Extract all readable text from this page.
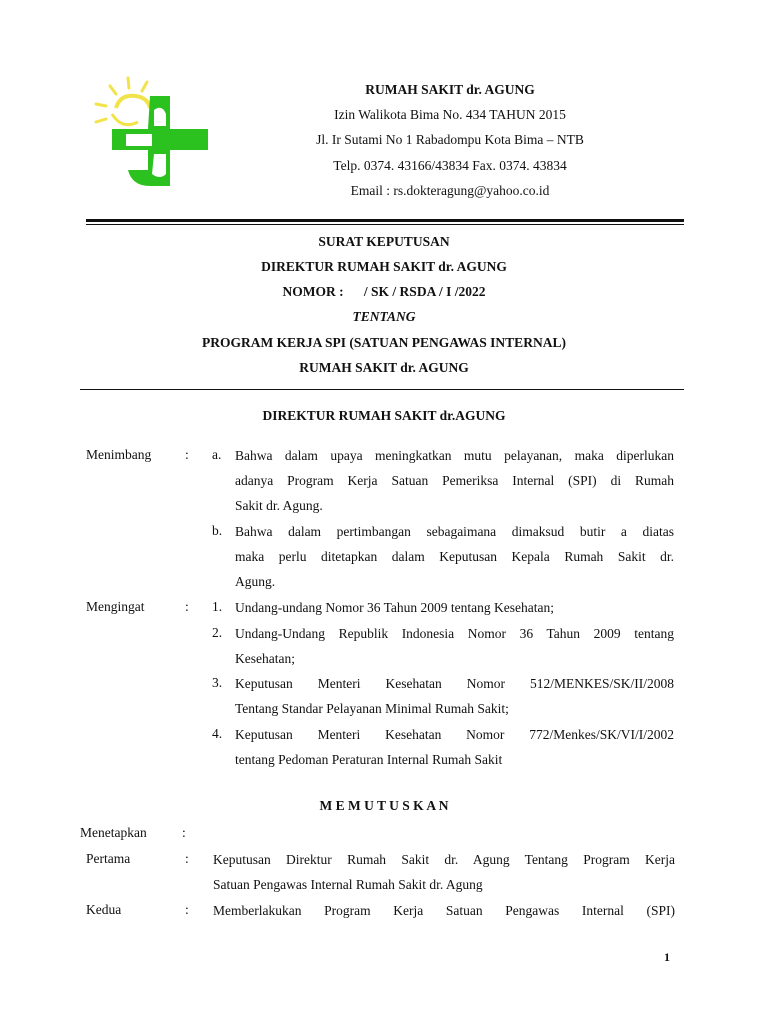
RUMAH SAKIT dr. AGUNG
Izin Walikota Bima No. 434 TAHUN 2015
Jl. Ir Sutami No 1 Rabadompu Kota Bima – NTB
Telp. 0374. 43166/43834 Fax. 0374. 43834
Email : rs.dokteragung@yahoo.co.id
SURAT KEPUTUSAN
DIREKTUR RUMAH SAKIT dr. AGUNG
NOMOR : / SK / RSDA / I /2022
TENTANG
PROGRAM KERJA SPI (SATUAN PENGAWAS INTERNAL)
RUMAH SAKIT dr. AGUNG
DIREKTUR RUMAH SAKIT dr.AGUNG
Menimbang	: a. Bahwa dalam upaya meningkatkan mutu pelayanan, maka diperlukan
adanya Program Kerja Satuan Pemeriksa Internal (SPI) di Rumah
Sakit dr. Agung.
b. Bahwa dalam pertimbangan sebagaimana dimaksud butir a diatas
maka perlu ditetapkan dalam Keputusan Kepala Rumah Sakit dr.
Agung.
Mengingat	: 1. Undang-undang Nomor 36 Tahun 2009 tentang Kesehatan;
2. Undang-Undang Republik Indonesia Nomor 36 Tahun 2009 tentang
Kesehatan;
3. Keputusan Menteri Kesehatan Nomor 512/MENKES/SK/II/2008
Tentang Standar Pelayanan Minimal Rumah Sakit;
4. Keputusan Menteri Kesehatan Nomor 772/Menkes/SK/VI/I/2002
tentang Pedoman Peraturan Internal Rumah Sakit
M E M U T U S K A N
Menetapkan	:
Pertama	: Keputusan Direktur Rumah Sakit dr. Agung Tentang Program Kerja
Satuan Pengawas Internal Rumah Sakit dr. Agung
Kedua	: Memberlakukan Program Kerja Satuan Pengawas Internal (SPI)
1
